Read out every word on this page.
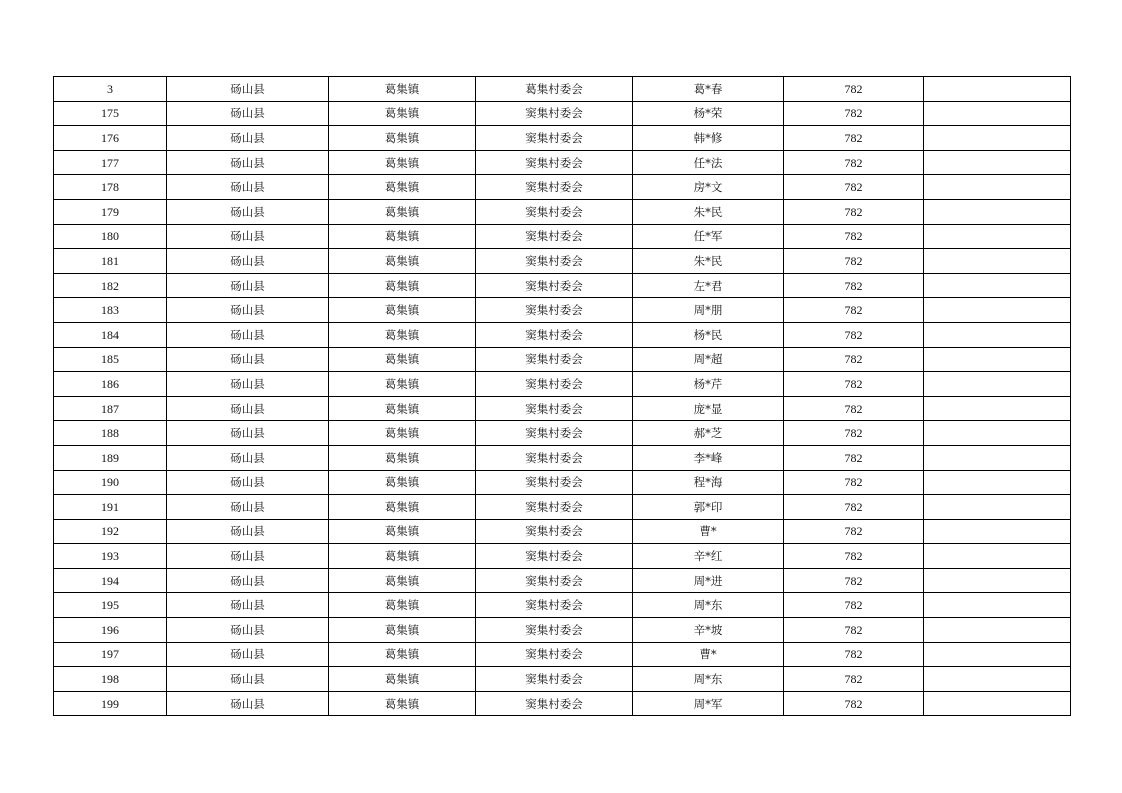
3	砀山县	葛集镇	葛集村委会	葛*春	782	
175	砀山县	葛集镇	窦集村委会	杨*荣	782	
176	砀山县	葛集镇	窦集村委会	韩*修	782	
177	砀山县	葛集镇	窦集村委会	任*法	782	
178	砀山县	葛集镇	窦集村委会	房*文	782	
179	砀山县	葛集镇	窦集村委会	朱*民	782	
180	砀山县	葛集镇	窦集村委会	任*军	782	
181	砀山县	葛集镇	窦集村委会	朱*民	782	
182	砀山县	葛集镇	窦集村委会	左*君	782	
183	砀山县	葛集镇	窦集村委会	周*朋	782	
184	砀山县	葛集镇	窦集村委会	杨*民	782	
185	砀山县	葛集镇	窦集村委会	周*超	782	
186	砀山县	葛集镇	窦集村委会	杨*芹	782	
187	砀山县	葛集镇	窦集村委会	庞*显	782	
188	砀山县	葛集镇	窦集村委会	郝*芝	782	
189	砀山县	葛集镇	窦集村委会	李*峰	782	
190	砀山县	葛集镇	窦集村委会	程*海	782	
191	砀山县	葛集镇	窦集村委会	郭*印	782	
192	砀山县	葛集镇	窦集村委会	曹*	782	
193	砀山县	葛集镇	窦集村委会	辛*红	782	
194	砀山县	葛集镇	窦集村委会	周*进	782	
195	砀山县	葛集镇	窦集村委会	周*东	782	
196	砀山县	葛集镇	窦集村委会	辛*坡	782	
197	砀山县	葛集镇	窦集村委会	曹*	782	
198	砀山县	葛集镇	窦集村委会	周*东	782	
199	砀山县	葛集镇	窦集村委会	周*军	782	
